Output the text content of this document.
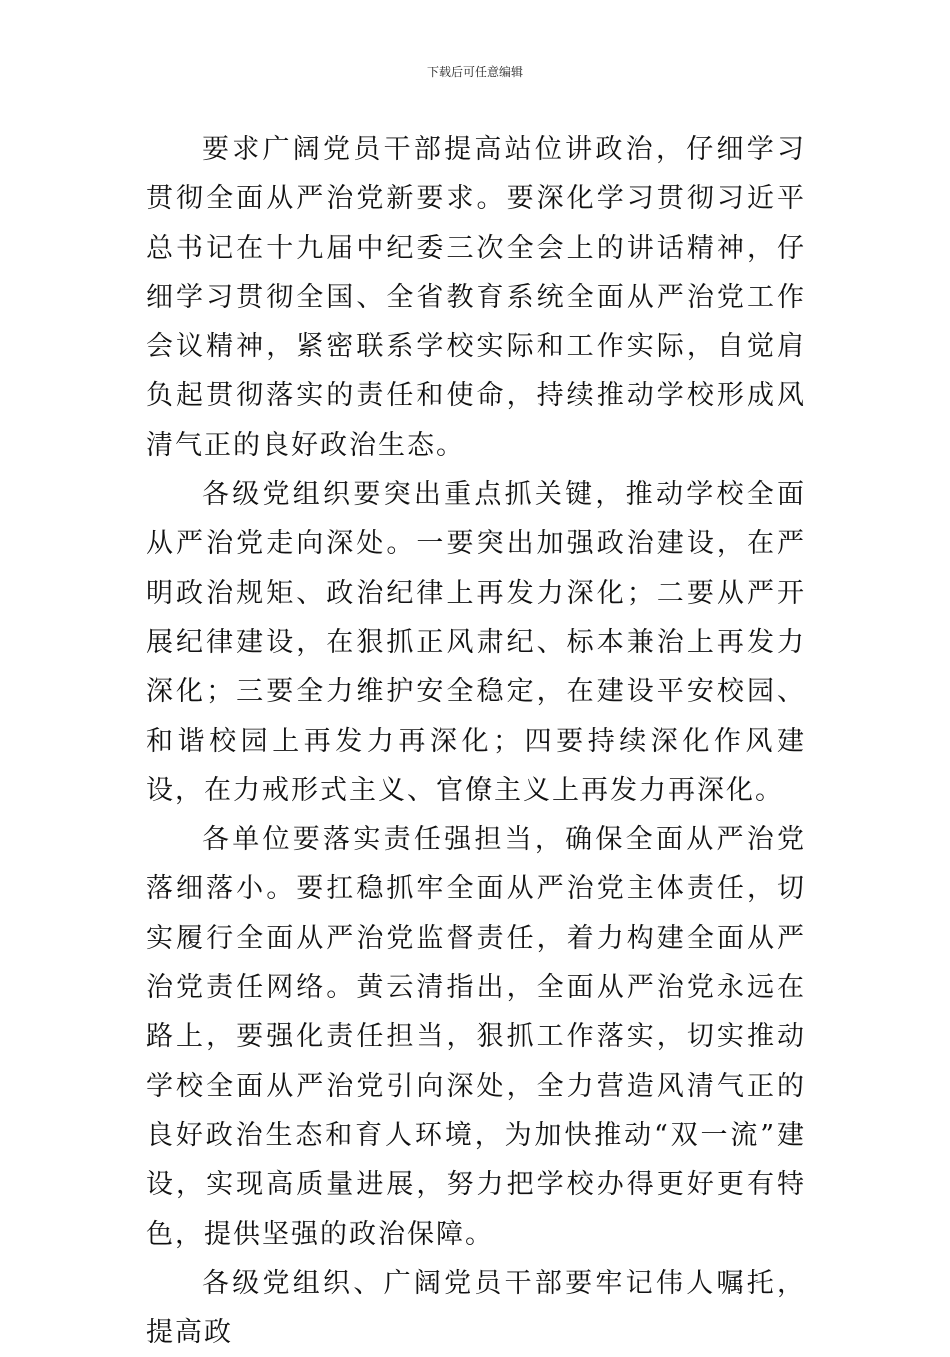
下载后可任意编辑

要求广阔党员干部提高站位讲政治，仔细学习贯彻全面从严治党新要求。要深化学习贯彻习近平总书记在十九届中纪委三次全会上的讲话精神，仔细学习贯彻全国、全省教育系统全面从严治党工作会议精神，紧密联系学校实际和工作实际，自觉肩负起贯彻落实的责任和使命，持续推动学校形成风清气正的良好政治生态。

各级党组织要突出重点抓关键，推动学校全面从严治党走向深处。一要突出加强政治建设，在严明政治规矩、政治纪律上再发力深化；二要从严开展纪律建设，在狠抓正风肃纪、标本兼治上再发力深化；三要全力维护安全稳定，在建设平安校园、和谐校园上再发力再深化；四要持续深化作风建设，在力戒形式主义、官僚主义上再发力再深化。

各单位要落实责任强担当，确保全面从严治党落细落小。要扛稳抓牢全面从严治党主体责任，切实履行全面从严治党监督责任，着力构建全面从严治党责任网络。黄云清指出，全面从严治党永远在路上，要强化责任担当，狠抓工作落实，切实推动学校全面从严治党引向深处，全力营造风清气正的良好政治生态和育人环境，为加快推动“双一流”建设，实现高质量进展，努力把学校办得更好更有特色，提供坚强的政治保障。

各级党组织、广阔党员干部要牢记伟人嘱托，提高政
